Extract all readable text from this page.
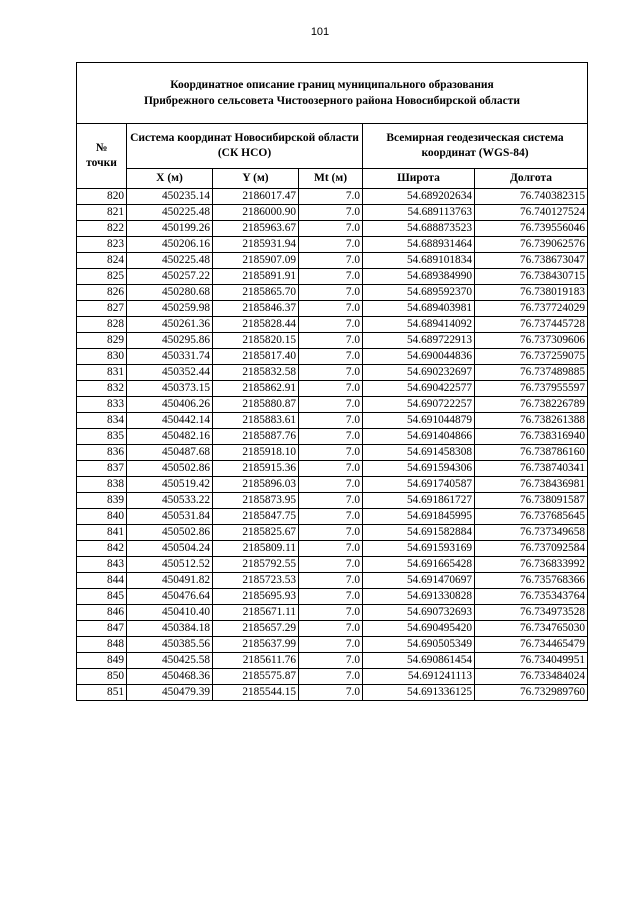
101
Координатное описание границ муниципального образования
Прибрежного сельсовета Чистоозерного района Новосибирской области					

№
точки	Система координат Новосибирской области (СК НСО)			Всемирная геодезическая система координат (WGS-84)	
	X (м)	Y (м)	Mt (м)	Широта	Долгота
820	450235.14	2186017.47	7.0	54.689202634	76.740382315
821	450225.48	2186000.90	7.0	54.689113763	76.740127524
822	450199.26	2185963.67	7.0	54.688873523	76.739556046
823	450206.16	2185931.94	7.0	54.688931464	76.739062576
824	450225.48	2185907.09	7.0	54.689101834	76.738673047
825	450257.22	2185891.91	7.0	54.689384990	76.738430715
826	450280.68	2185865.70	7.0	54.689592370	76.738019183
827	450259.98	2185846.37	7.0	54.689403981	76.737724029
828	450261.36	2185828.44	7.0	54.689414092	76.737445728
829	450295.86	2185820.15	7.0	54.689722913	76.737309606
830	450331.74	2185817.40	7.0	54.690044836	76.737259075
831	450352.44	2185832.58	7.0	54.690232697	76.737489885
832	450373.15	2185862.91	7.0	54.690422577	76.737955597
833	450406.26	2185880.87	7.0	54.690722257	76.738226789
834	450442.14	2185883.61	7.0	54.691044879	76.738261388
835	450482.16	2185887.76	7.0	54.691404866	76.738316940
836	450487.68	2185918.10	7.0	54.691458308	76.738786160
837	450502.86	2185915.36	7.0	54.691594306	76.738740341
838	450519.42	2185896.03	7.0	54.691740587	76.738436981
839	450533.22	2185873.95	7.0	54.691861727	76.738091587
840	450531.84	2185847.75	7.0	54.691845995	76.737685645
841	450502.86	2185825.67	7.0	54.691582884	76.737349658
842	450504.24	2185809.11	7.0	54.691593169	76.737092584
843	450512.52	2185792.55	7.0	54.691665428	76.736833992
844	450491.82	2185723.53	7.0	54.691470697	76.735768366
845	450476.64	2185695.93	7.0	54.691330828	76.735343764
846	450410.40	2185671.11	7.0	54.690732693	76.734973528
847	450384.18	2185657.29	7.0	54.690495420	76.734765030
848	450385.56	2185637.99	7.0	54.690505349	76.734465479
849	450425.58	2185611.76	7.0	54.690861454	76.734049951
850	450468.36	2185575.87	7.0	54.691241113	76.733484024
851	450479.39	2185544.15	7.0	54.691336125	76.732989760
